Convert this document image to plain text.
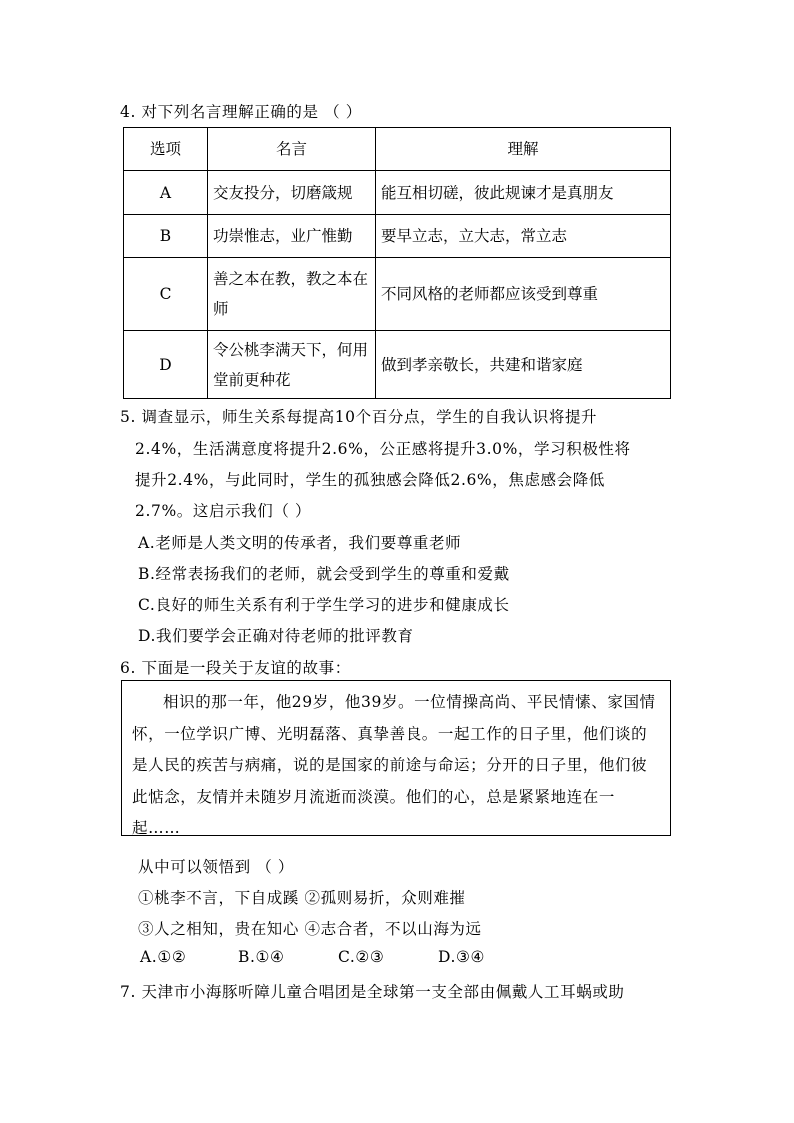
4. 对下列名言理解正确的是 （ ）
选项	名言	理解
A	交友投分，切磨箴规	能互相切磋，彼此规谏才是真朋友
B	功崇惟志，业广惟勤	要早立志，立大志，常立志
C	善之本在教，教之本在师	不同风格的老师都应该受到尊重
D	令公桃李满天下，何用堂前更种花	做到孝亲敬长，共建和谐家庭
5. 调查显示，师生关系每提高10个百分点，学生的自我认识将提升
2.4%，生活满意度将提升2.6%，公正感将提升3.0%，学习积极性将
提升2.4%，与此同时，学生的孤独感会降低2.6%，焦虑感会降低
2.7%。这启示我们（ ）
A.老师是人类文明的传承者，我们要尊重老师
B.经常表扬我们的老师，就会受到学生的尊重和爱戴
C.良好的师生关系有利于学生学习的进步和健康成长
D.我们要学会正确对待老师的批评教育
6. 下面是一段关于友谊的故事：

相识的那一年，他29岁，他39岁。一位情操高尚、平民情愫、家国情怀，一位学识广博、光明磊落、真挚善良。一起工作的日子里，他们谈的是人民的疾苦与病痛，说的是国家的前途与命运；分开的日子里，他们彼此惦念，友情并未随岁月流逝而淡漠。他们的心，总是紧紧地连在一起……

从中可以领悟到 （ ）
①桃李不言，下自成蹊 ②孤则易折，众则难摧
③人之相知，贵在知心 ④志合者，不以山海为远
A.①②	B.①④	C.②③	D.③④
7. 天津市小海豚听障儿童合唱团是全球第一支全部由佩戴人工耳蜗或助
